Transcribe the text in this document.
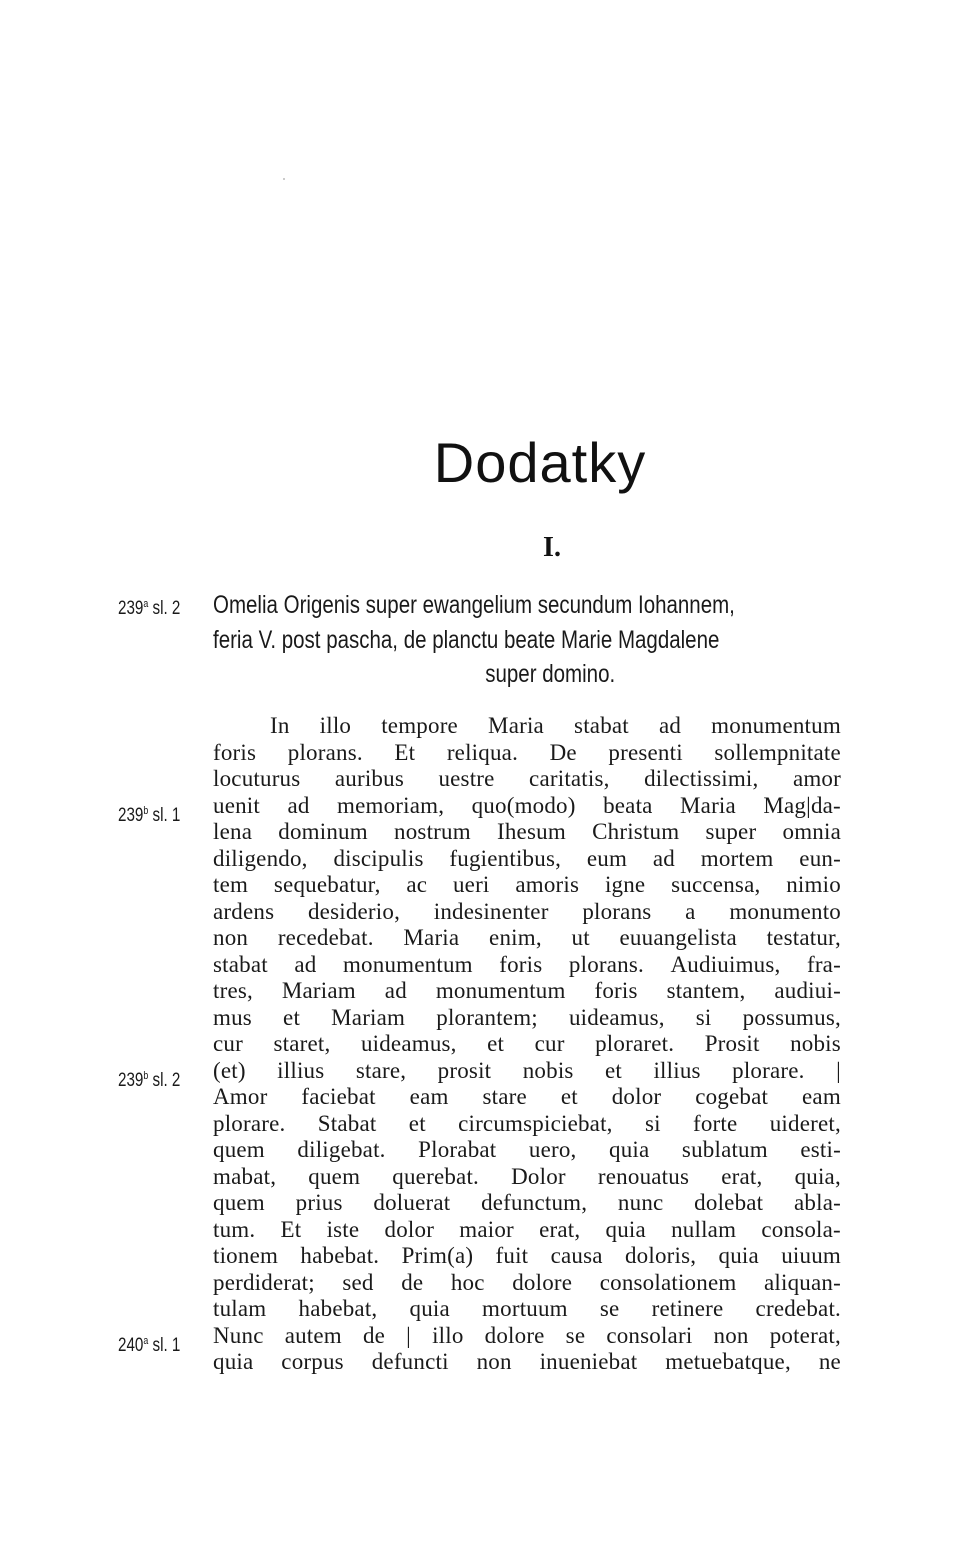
Dodatky
I.
Omelia Origenis super ewangelium secundum Iohannem,
feria V. post pascha, de planctu beate Marie Magdalene
super domino.
239$^a$ sl. 2
239$^b$ sl. 1
239$^b$ sl. 2
240$^a$ sl. 1
In illo tempore Maria stabat ad monumentum
foris plorans. Et reliqua. De presenti sollempnitate
locuturus auribus uestre caritatis, dilectissimi, amor
uenit ad memoriam, quo(modo) beata Maria Mag|da-
lena dominum nostrum Ihesum Christum super omnia
diligendo, discipulis fugientibus, eum ad mortem eun-
tem sequebatur, ac ueri amoris igne succensa, nimio
ardens desiderio, indesinenter plorans a monumento
non recedebat. Maria enim, ut euuangelista testatur,
stabat ad monumentum foris plorans. Audiuimus, fra-
tres, Mariam ad monumentum foris stantem, audiui-
mus et Mariam plorantem; uideamus, si possumus,
cur staret, uideamus, et cur ploraret. Prosit nobis
(et) illius stare, prosit nobis et illius plorare. |
Amor faciebat eam stare et dolor cogebat eam
plorare. Stabat et circumspiciebat, si forte uideret,
quem diligebat. Plorabat uero, quia sublatum esti-
mabat, quem querebat. Dolor renouatus erat, quia,
quem prius doluerat defunctum, nunc dolebat abla-
tum. Et iste dolor maior erat, quia nullam consola-
tionem habebat. Prim(a) fuit causa doloris, quia uiuum
perdiderat; sed de hoc dolore consolationem aliquan-
tulam habebat, quia mortuum se retinere credebat.
Nunc autem de | illo dolore se consolari non poterat,
quia corpus defuncti non inueniebat metuebatque, ne
